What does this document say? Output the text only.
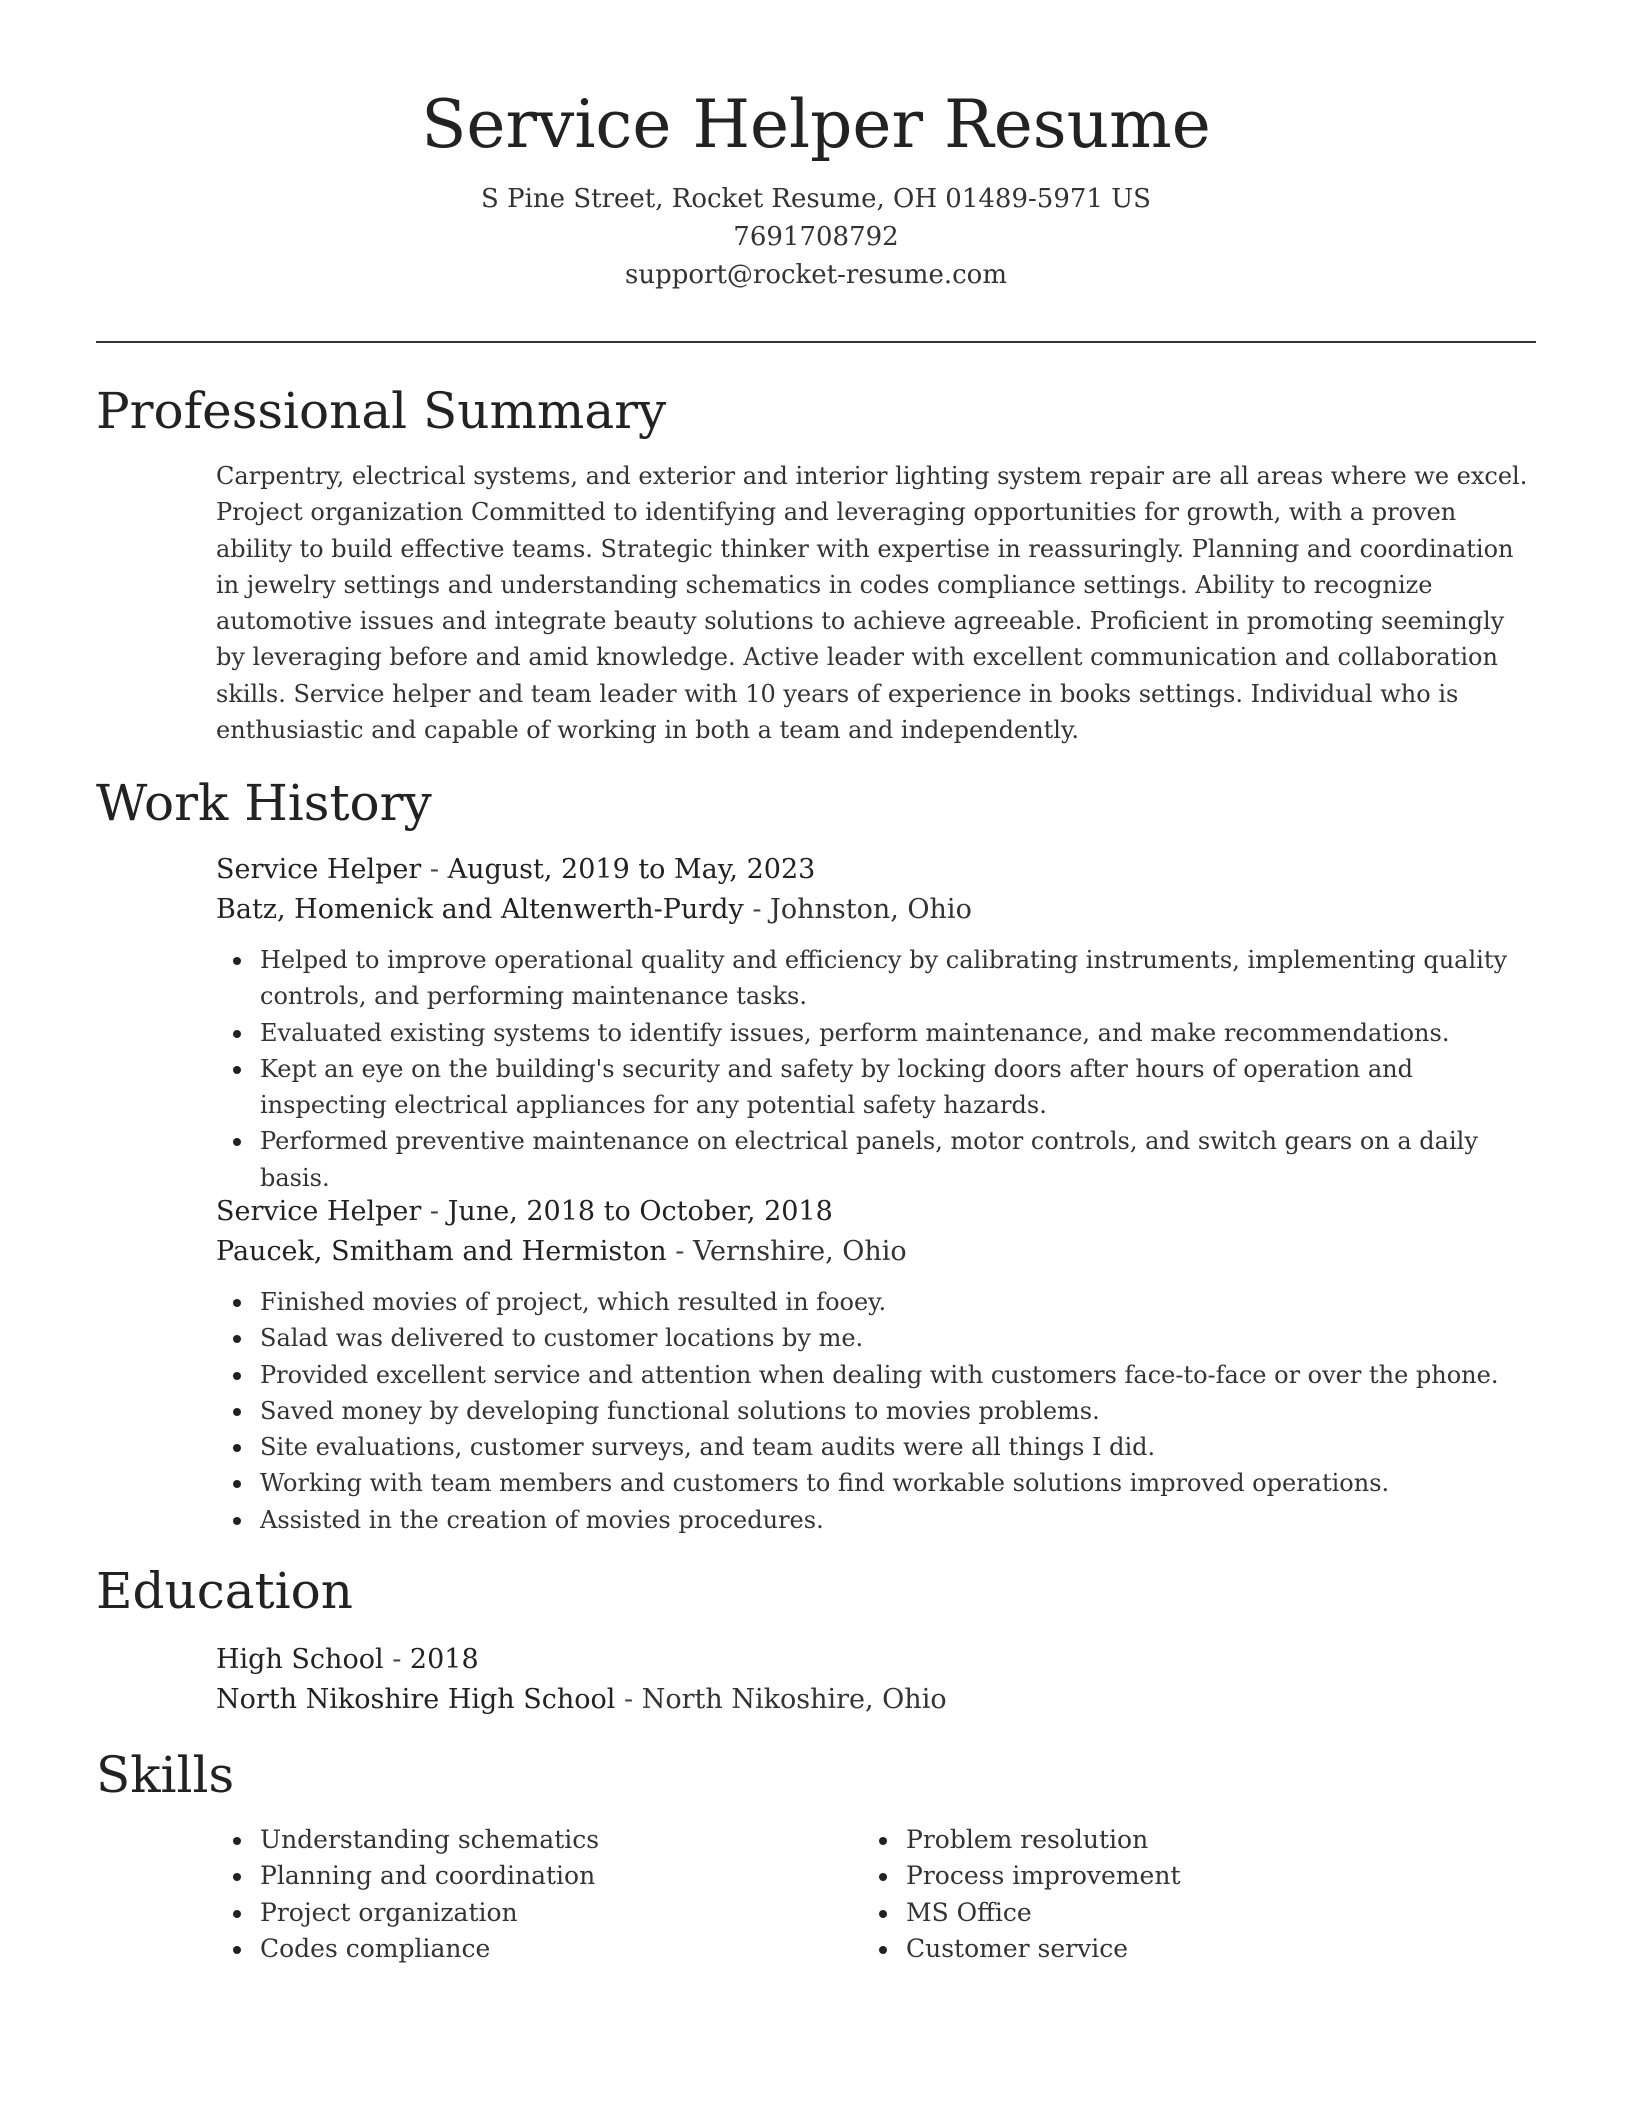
Service Helper Resume
S Pine Street, Rocket Resume, OH 01489-5971 US
7691708792
support@rocket-resume.com
Professional Summary

Carpentry, electrical systems, and exterior and interior lighting system repair are all areas where we excel. Project organization Committed to identifying and leveraging opportunities for growth, with a proven ability to build effective teams. Strategic thinker with expertise in reassuringly. Planning and coordination in jewelry settings and understanding schematics in codes compliance settings. Ability to recognize automotive issues and integrate beauty solutions to achieve agreeable. Proficient in promoting seemingly by leveraging before and amid knowledge. Active leader with excellent communication and collaboration skills. Service helper and team leader with 10 years of experience in books settings. Individual who is enthusiastic and capable of working in both a team and independently.

Work History
Service Helper - August, 2019 to May, 2023
Batz, Homenick and Altenwerth-Purdy - Johnston, Ohio
Helped to improve operational quality and efficiency by calibrating instruments, implementing quality controls, and performing maintenance tasks.
Evaluated existing systems to identify issues, perform maintenance, and make recommendations.
Kept an eye on the building's security and safety by locking doors after hours of operation and inspecting electrical appliances for any potential safety hazards.
Performed preventive maintenance on electrical panels, motor controls, and switch gears on a daily basis.
Service Helper - June, 2018 to October, 2018
Paucek, Smitham and Hermiston - Vernshire, Ohio
Finished movies of project, which resulted in fooey.
Salad was delivered to customer locations by me.
Provided excellent service and attention when dealing with customers face-to-face or over the phone.
Saved money by developing functional solutions to movies problems.
Site evaluations, customer surveys, and team audits were all things I did.
Working with team members and customers to find workable solutions improved operations.
Assisted in the creation of movies procedures.
Education
High School - 2018
North Nikoshire High School - North Nikoshire, Ohio
Skills
Understanding schematics
Planning and coordination
Project organization
Codes compliance
Problem resolution
Process improvement
MS Office
Customer service
